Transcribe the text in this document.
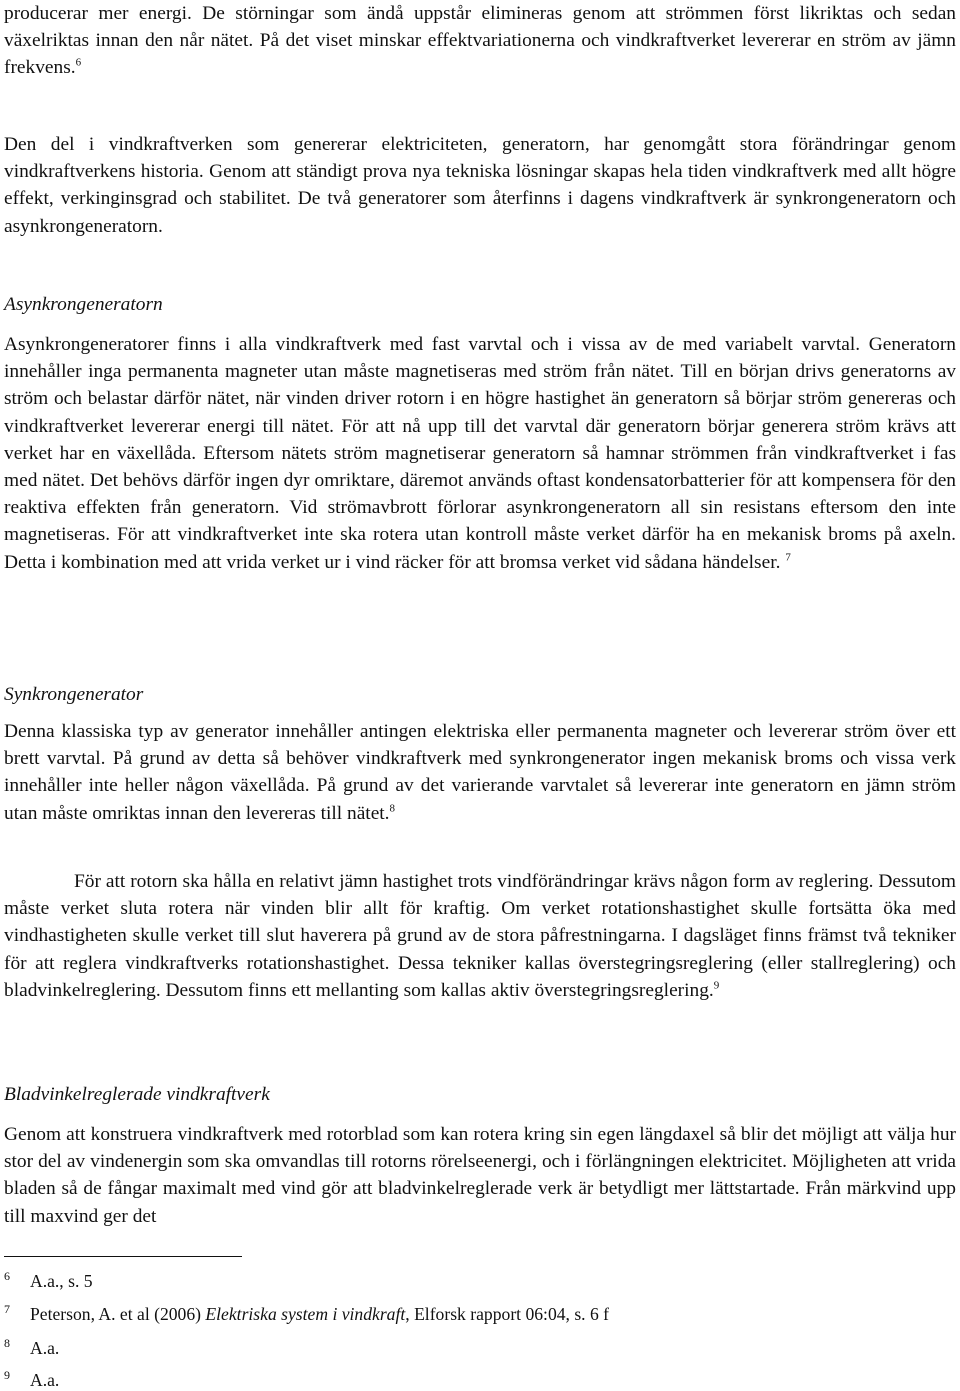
producerar mer energi. De störningar som ändå uppstår elimineras genom att strömmen först likriktas och sedan växelriktas innan den når nätet. På det viset minskar effektvariationerna och vindkraftverket levererar en ström av jämn frekvens.$^6$

Den del i vindkraftverken som genererar elektriciteten, generatorn, har genomgått stora förändringar genom vindkraftverkens historia. Genom att ständigt prova nya tekniska lösningar skapas hela tiden vindkraftverk med allt högre effekt, verkinginsgrad och stabilitet. De två generatorer som återfinns i dagens vindkraftverk är synkrongeneratorn och asynkrongeneratorn.

Asynkrongeneratorn

Asynkrongeneratorer finns i alla vindkraftverk med fast varvtal och i vissa av de med variabelt varvtal. Generatorn innehåller inga permanenta magneter utan måste magnetiseras med ström från nätet. Till en början drivs generatorns av ström och belastar därför nätet, när vinden driver rotorn i en högre hastighet än generatorn så börjar ström genereras och vindkraftverket levererar energi till nätet. För att nå upp till det varvtal där generatorn börjar generera ström krävs att verket har en växellåda. Eftersom nätets ström magnetiserar generatorn så hamnar strömmen från vindkraftverket i fas med nätet. Det behövs därför ingen dyr omriktare, däremot används oftast kondensatorbatterier för att kompensera för den reaktiva effekten från generatorn. Vid strömavbrott förlorar asynkrongeneratorn all sin resistans eftersom den inte magnetiseras. För att vindkraftverket inte ska rotera utan kontroll måste verket därför ha en mekanisk broms på axeln. Detta i kombination med att vrida verket ur i vind räcker för att bromsa verket vid sådana händelser. $^7$

Synkrongenerator

Denna klassiska typ av generator innehåller antingen elektriska eller permanenta magneter och levererar ström över ett brett varvtal. På grund av detta så behöver vindkraftverk med synkrongenerator ingen mekanisk broms och vissa verk innehåller inte heller någon växellåda. På grund av det varierande varvtalet så levererar inte generatorn en jämn ström utan måste omriktas innan den levereras till nätet.$^8$

För att rotorn ska hålla en relativt jämn hastighet trots vindförändringar krävs någon form av reglering. Dessutom måste verket sluta rotera när vinden blir allt för kraftig. Om verket rotationshastighet skulle fortsätta öka med vindhastigheten skulle verket till slut haverera på grund av de stora påfrestningarna. I dagsläget finns främst två tekniker för att reglera vindkraftverks rotationshastighet. Dessa tekniker kallas överstegringsreglering (eller stallreglering) och bladvinkelreglering. Dessutom finns ett mellanting som kallas aktiv överstegringsreglering.$^9$

Bladvinkelreglerade vindkraftverk

Genom att konstruera vindkraftverk med rotorblad som kan rotera kring sin egen längdaxel så blir det möjligt att välja hur stor del av vindenergin som ska omvandlas till rotorns rörelseenergi, och i förlängningen elektricitet. Möjligheten att vrida bladen så de fångar maximalt med vind gör att bladvinkelreglerade verk är betydligt mer lättstartade. Från märkvind upp till maxvind ger det

6 A.a., s. 5
7 Peterson, A. et al (2006) Elektriska system i vindkraft, Elforsk rapport 06:04, s. 6 f
8 A.a.
9 A.a.
